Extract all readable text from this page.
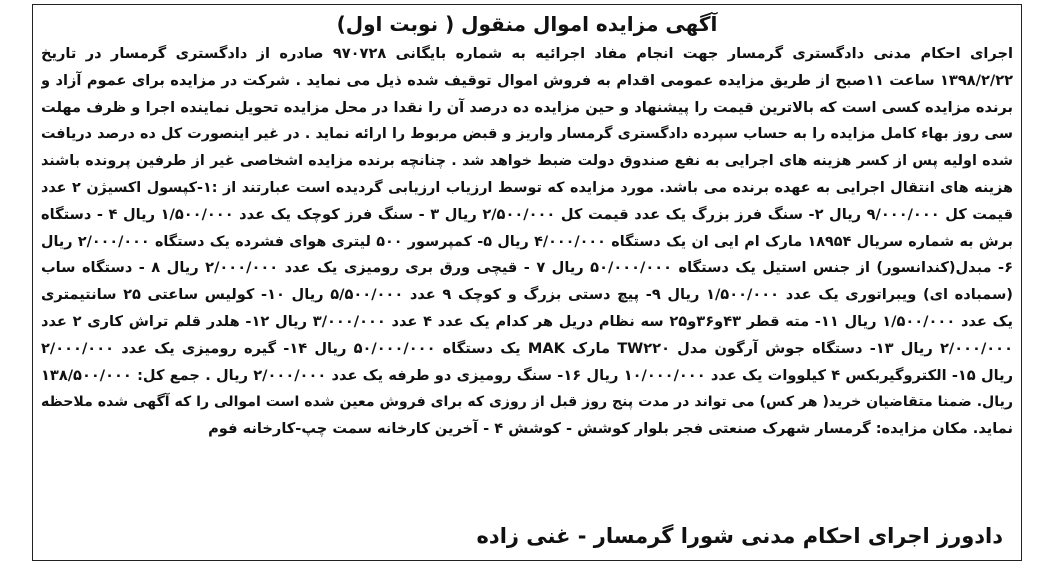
آگهی مزایده اموال منقول ( نوبت اول)
اجرای احکام مدنی دادگستری گرمسار جهت انجام مفاد اجرائیه به شماره بایگانی ۹۷۰۷۲۸ صادره از دادگستری گرمسار در تاریخ
۱۳۹۸/۲/۲۲ ساعت ۱۱صبح از طریق مزایده عمومی اقدام به فروش اموال توقیف شده ذیل می نماید . شرکت در مزایده برای عموم آزاد و
برنده مزایده کسی است که بالاترین قیمت را پیشنهاد و حین مزایده ده درصد آن را نقدا در محل مزایده تحویل نماینده اجرا و ظرف مهلت
سی روز بهاء کامل مزایده را به حساب سپرده دادگستری گرمسار واریز و قبض مربوط را ارائه نماید . در غیر اینصورت کل ده درصد دریافت
شده اولیه پس از کسر هزینه های اجرایی به نفع صندوق دولت ضبط خواهد شد . چنانچه برنده مزایده اشخاصی غیر از طرفین پرونده باشند
هزینه های انتقال اجرایی به عهده برنده می باشد. مورد مزایده که توسط ارزیاب ارزیابی گردیده است عبارتند از :۱-کپسول اکسیژن ۲ عدد
قیمت کل ۹/۰۰۰/۰۰۰ ریال ۲- سنگ فرز بزرگ یک عدد قیمت کل ۲/۵۰۰/۰۰۰ ریال ۳ - سنگ فرز کوچک یک عدد ۱/۵۰۰/۰۰۰ ریال ۴ - دستگاه
برش به شماره سریال ۱۸۹۵۴ مارک ام ایی ان یک دستگاه ۴/۰۰۰/۰۰۰ ریال ۵- کمپرسور ۵۰۰ لیتری هوای فشرده یک دستگاه ۲/۰۰۰/۰۰۰ ریال
۶- مبدل(کندانسور) از جنس استیل یک دستگاه ۵۰/۰۰۰/۰۰۰ ریال ۷ - قیچی ورق بری رومیزی یک عدد ۲/۰۰۰/۰۰۰ ریال ۸ - دستگاه ساب
(سمباده ای) ویبراتوری یک عدد ۱/۵۰۰/۰۰۰ ریال ۹- پیچ دستی بزرگ و کوچک ۹ عدد ۵/۵۰۰/۰۰۰ ریال ۱۰- کولیس ساعتی ۲۵ سانتیمتری
یک عدد ۱/۵۰۰/۰۰۰ ریال ۱۱- مته قطر ۴۳و۳۶و۲۵ سه نظام دریل هر کدام یک عدد ۴ عدد ۳/۰۰۰/۰۰۰ ریال ۱۲- هلدر قلم تراش کاری ۲ عدد
۲/۰۰۰/۰۰۰ ریال ۱۳- دستگاه جوش آرگون مدل TW۲۲۰ مارک MAK یک دستگاه ۵۰/۰۰۰/۰۰۰ ریال ۱۴- گیره رومیزی یک عدد ۲/۰۰۰/۰۰۰
ریال ۱۵- الکتروگیربکس ۴ کیلووات یک عدد ۱۰/۰۰۰/۰۰۰ ریال ۱۶- سنگ رومیزی دو طرفه یک عدد ۲/۰۰۰/۰۰۰ ریال . جمع کل: ۱۳۸/۵۰۰/۰۰۰
ریال. ضمنا متقاضیان خرید( هر کس) می تواند در مدت پنج روز قبل از روزی که برای فروش معین شده است اموالی را که آگهی شده ملاحظه
نماید. مکان مزایده: گرمسار شهرک صنعتی فجر بلوار کوشش - کوشش ۴ - آخرین کارخانه سمت چپ-کارخانه فوم
دادورز اجرای احکام مدنی شورا گرمسار - غنی زاده
